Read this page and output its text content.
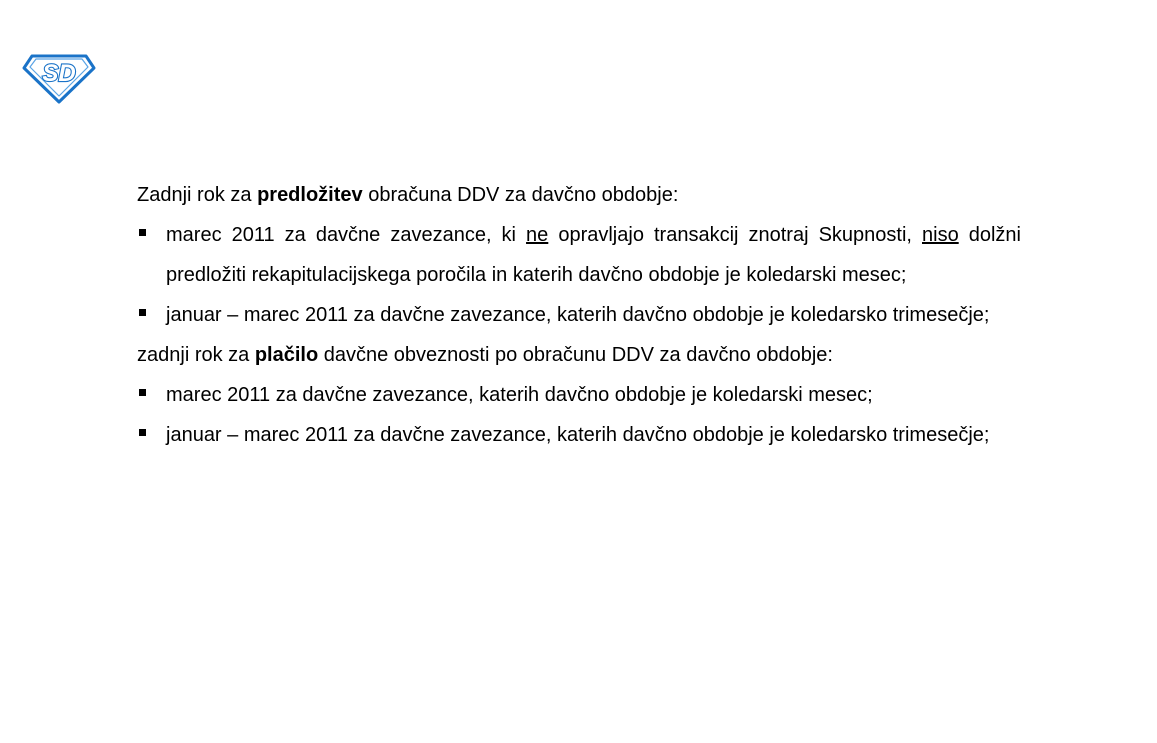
SD

Zadnji rok za predložitev obračuna DDV za davčno obdobje:

marec 2011 za davčne zavezance, ki ne opravljajo transakcij znotraj Skupnosti, niso dolžni predložiti rekapitulacijskega poročila in katerih davčno obdobje je koledarski mesec;
januar – marec 2011 za davčne zavezance, katerih davčno obdobje je koledarsko trimesečje;

zadnji rok za plačilo davčne obveznosti po obračunu DDV za davčno obdobje:

marec 2011 za davčne zavezance, katerih davčno obdobje je koledarski mesec;
januar – marec 2011 za davčne zavezance, katerih davčno obdobje je koledarsko trimesečje;
